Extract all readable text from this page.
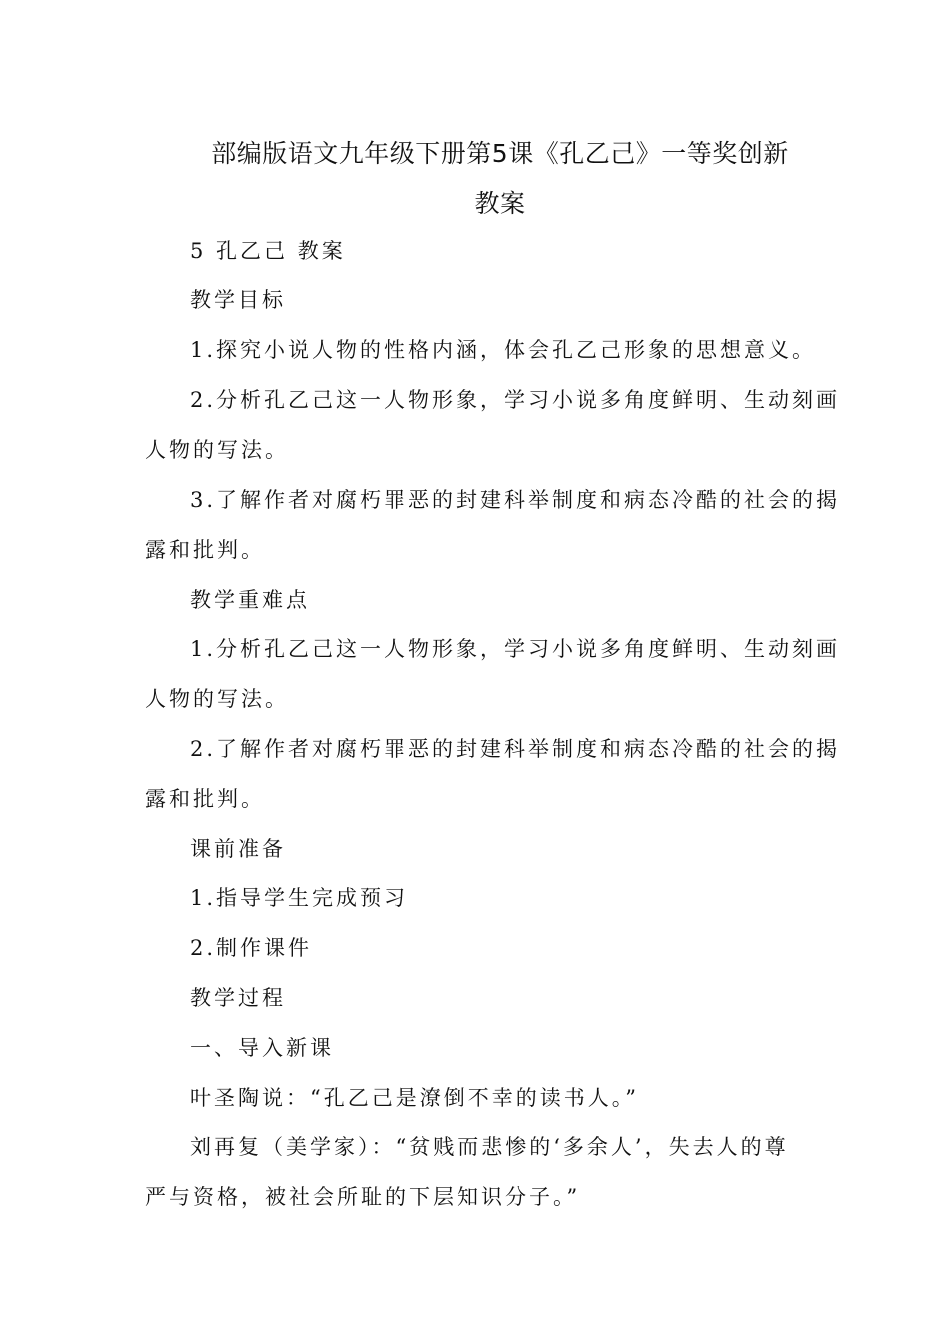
部编版语文九年级下册第5课《孔乙己》一等奖创新
教案
5 孔乙己 教案
教学目标
1.探究小说人物的性格内涵，体会孔乙己形象的思想意义。
2.分析孔乙己这一人物形象，学习小说多角度鲜明、生动刻画
人物的写法。
3.了解作者对腐朽罪恶的封建科举制度和病态冷酷的社会的揭
露和批判。
教学重难点
1.分析孔乙己这一人物形象，学习小说多角度鲜明、生动刻画
人物的写法。
2.了解作者对腐朽罪恶的封建科举制度和病态冷酷的社会的揭
露和批判。
课前准备
1.指导学生完成预习
2.制作课件
教学过程
一、导入新课
叶圣陶说：“孔乙己是潦倒不幸的读书人。”
刘再复（美学家）：“贫贱而悲惨的‘多余人’，失去人的尊
严与资格，被社会所耻的下层知识分子。”
